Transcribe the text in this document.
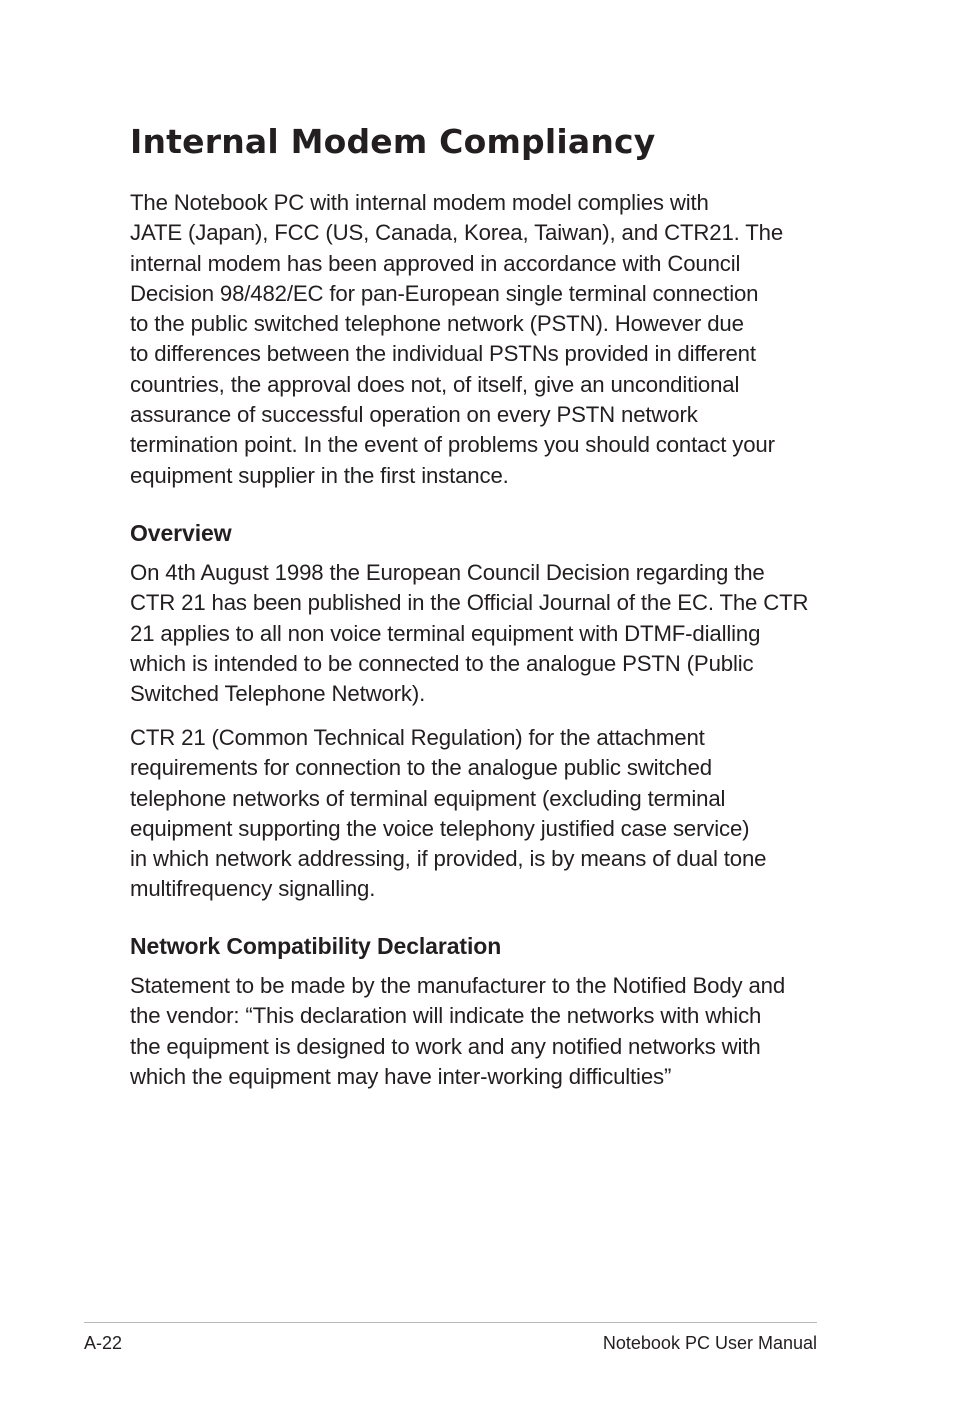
Internal Modem Compliancy
The Notebook PC with internal modem model complies with
JATE (Japan), FCC (US, Canada, Korea, Taiwan), and CTR21. The
internal modem has been approved in accordance with Council
Decision 98/482/EC for pan-European single terminal connection
to the public switched telephone network (PSTN). However due
to differences between the individual PSTNs provided in different
countries, the approval does not, of itself, give an unconditional
assurance of successful operation on every PSTN network
termination point. In the event of problems you should contact your
equipment supplier in the first instance.
Overview
On 4th August 1998 the European Council Decision regarding the
CTR 21 has been published in the Official Journal of the EC. The CTR
21 applies to all non voice terminal equipment with DTMF-dialling
which is intended to be connected to the analogue PSTN (Public
Switched Telephone Network).
CTR 21 (Common Technical Regulation) for the attachment
requirements for connection to the analogue public switched
telephone networks of terminal equipment (excluding terminal
equipment supporting the voice telephony justified case service)
in which network addressing, if provided, is by means of dual tone
multifrequency signalling.
Network Compatibility Declaration
Statement to be made by the manufacturer to the Notified Body and
the vendor: “This declaration will indicate the networks with which
the equipment is designed to work and any notified networks with
which the equipment may have inter-working difficulties”
A-22	Notebook PC User Manual
